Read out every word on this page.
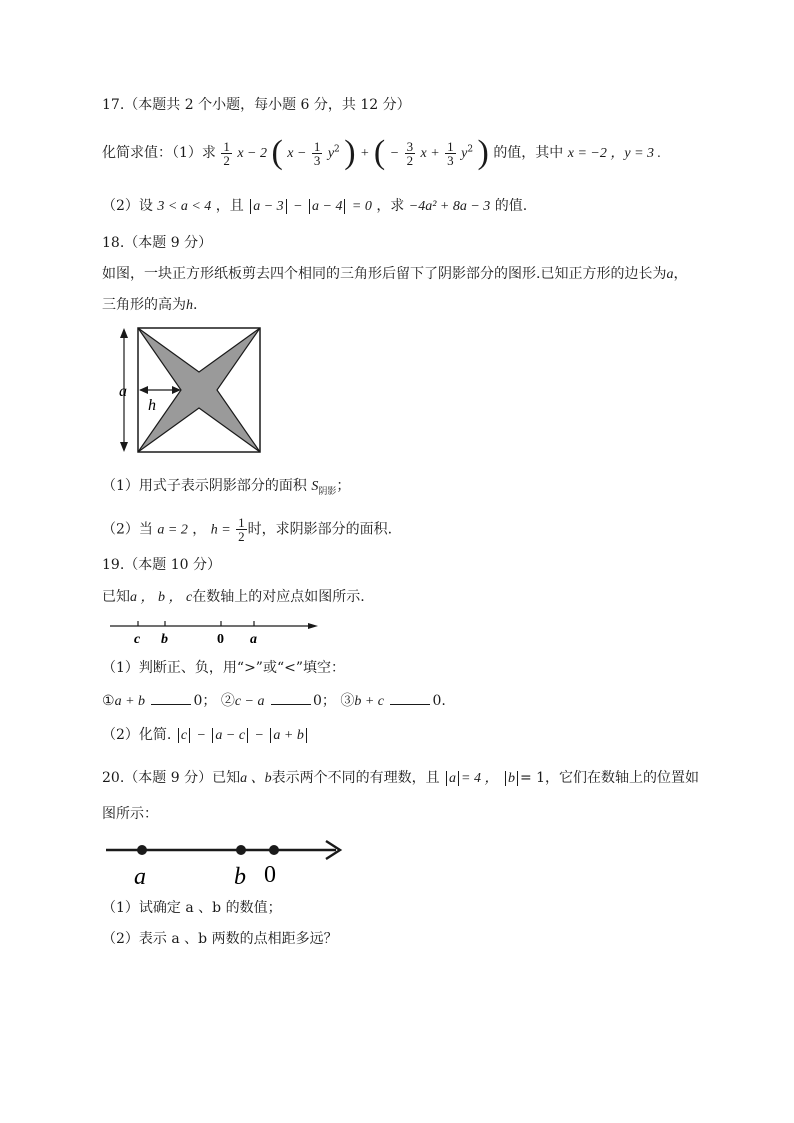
17.（本题共 2 个小题，每小题 6 分，共 12 分）
化简求值：（1）求 $\frac{1}{2}$ x − 2 ( $x - \frac{1}{3} y^2$ ) + ( − $\frac{3}{2}$ $x + \frac{1}{3} y^2$ ) 的值，其中 x = −2 ，y = 3 .
（2）设 3 < a < 4 ，且 a − 3 − a − 4 = 0 ，求 −4a² + 8a − 3 的值.
18.（本题 9 分）
如图，一块正方形纸板剪去四个相同的三角形后留下了阴影部分的图形.已知正方形的边长为a，
三角形的高为h.
a
h
（1）用式子表示阴影部分的面积 $S_{阴影}$；
（2）当 a = 2 ， $h = \frac{1}{2}$ 时，求阴影部分的面积.
19.（本题 10 分）
已知a ， b ， c在数轴上的对应点如图所示.
c b	0 a
（1）判断正、负，用“>”或“<”填空：
①a + b	0； ②c − a	0； ③b + c	0.
（2）化简. c − a − c − a + b
20.（本题 9 分）已知a 、b表示两个不同的有理数，且 a = 4 ， b = 1，它们在数轴上的位置如
图所示：
a	b 0
（1）试确定 a 、b 的数值；
（2）表示 a 、b 两数的点相距多远？
